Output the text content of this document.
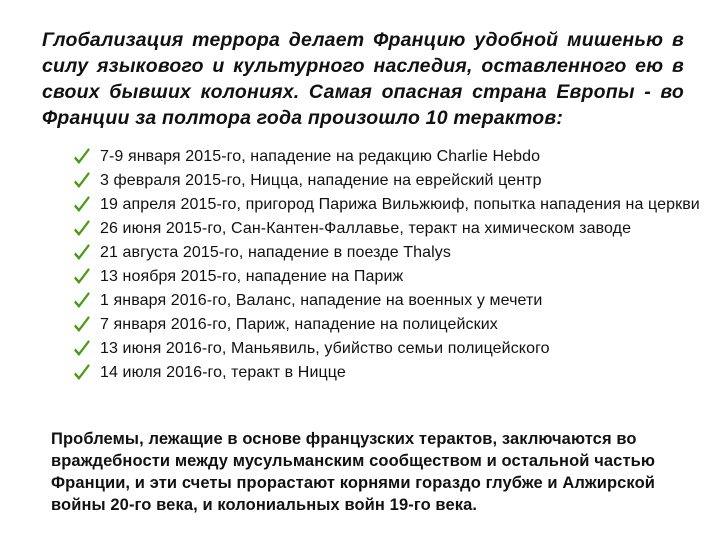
Глобализация террора делает Францию удобной мишенью в силу языкового и культурного наследия, оставленного ею в своих бывших колониях. Самая опасная страна Европы - во Франции за полтора года произошло 10 терактов:

7-9 января 2015-го, нападение на редакцию Charlie Hebdo
3 февраля 2015-го, Ницца, нападение на еврейский центр
19 апреля 2015-го, пригород Парижа Вильжюиф, попытка нападения на церкви
26 июня 2015-го, Сан-Кантен-Фаллавье, теракт на химическом заводе
21 августа 2015-го, нападение в поезде Thalys
13 ноября 2015-го, нападение на Париж
1 января 2016-го, Валанс, нападение на военных у мечети
7 января 2016-го, Париж, нападение на полицейских
13 июня 2016-го, Маньявиль, убийство семьи полицейского
14 июля 2016-го, теракт в Ницце

Проблемы, лежащие в основе французских терактов, заключаются во враждебности между мусульманским сообществом и остальной частью Франции, и эти счеты прорастают корнями гораздо глубже и Алжирской войны 20-го века, и колониальных войн 19-го века.
